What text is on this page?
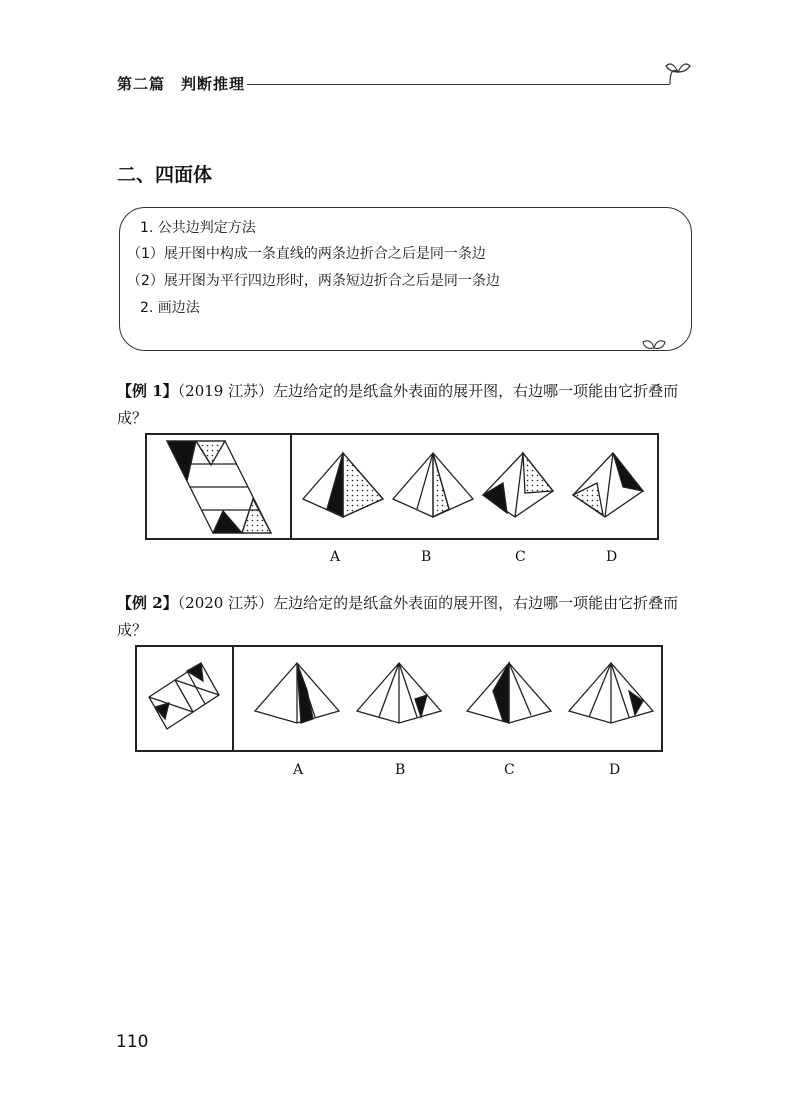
第二篇　判断推理
二、四面体
1. 公共边判定方法
（1）展开图中构成一条直线的两条边折合之后是同一条边
（2）展开图为平行四边形时，两条短边折合之后是同一条边
2. 画边法
【例 1】（2019 江苏）左边给定的是纸盒外表面的展开图，右边哪一项能由它折叠而成？
A	B	C	D
【例 2】（2020 江苏）左边给定的是纸盒外表面的展开图，右边哪一项能由它折叠而成？
A	B	C	D
110
